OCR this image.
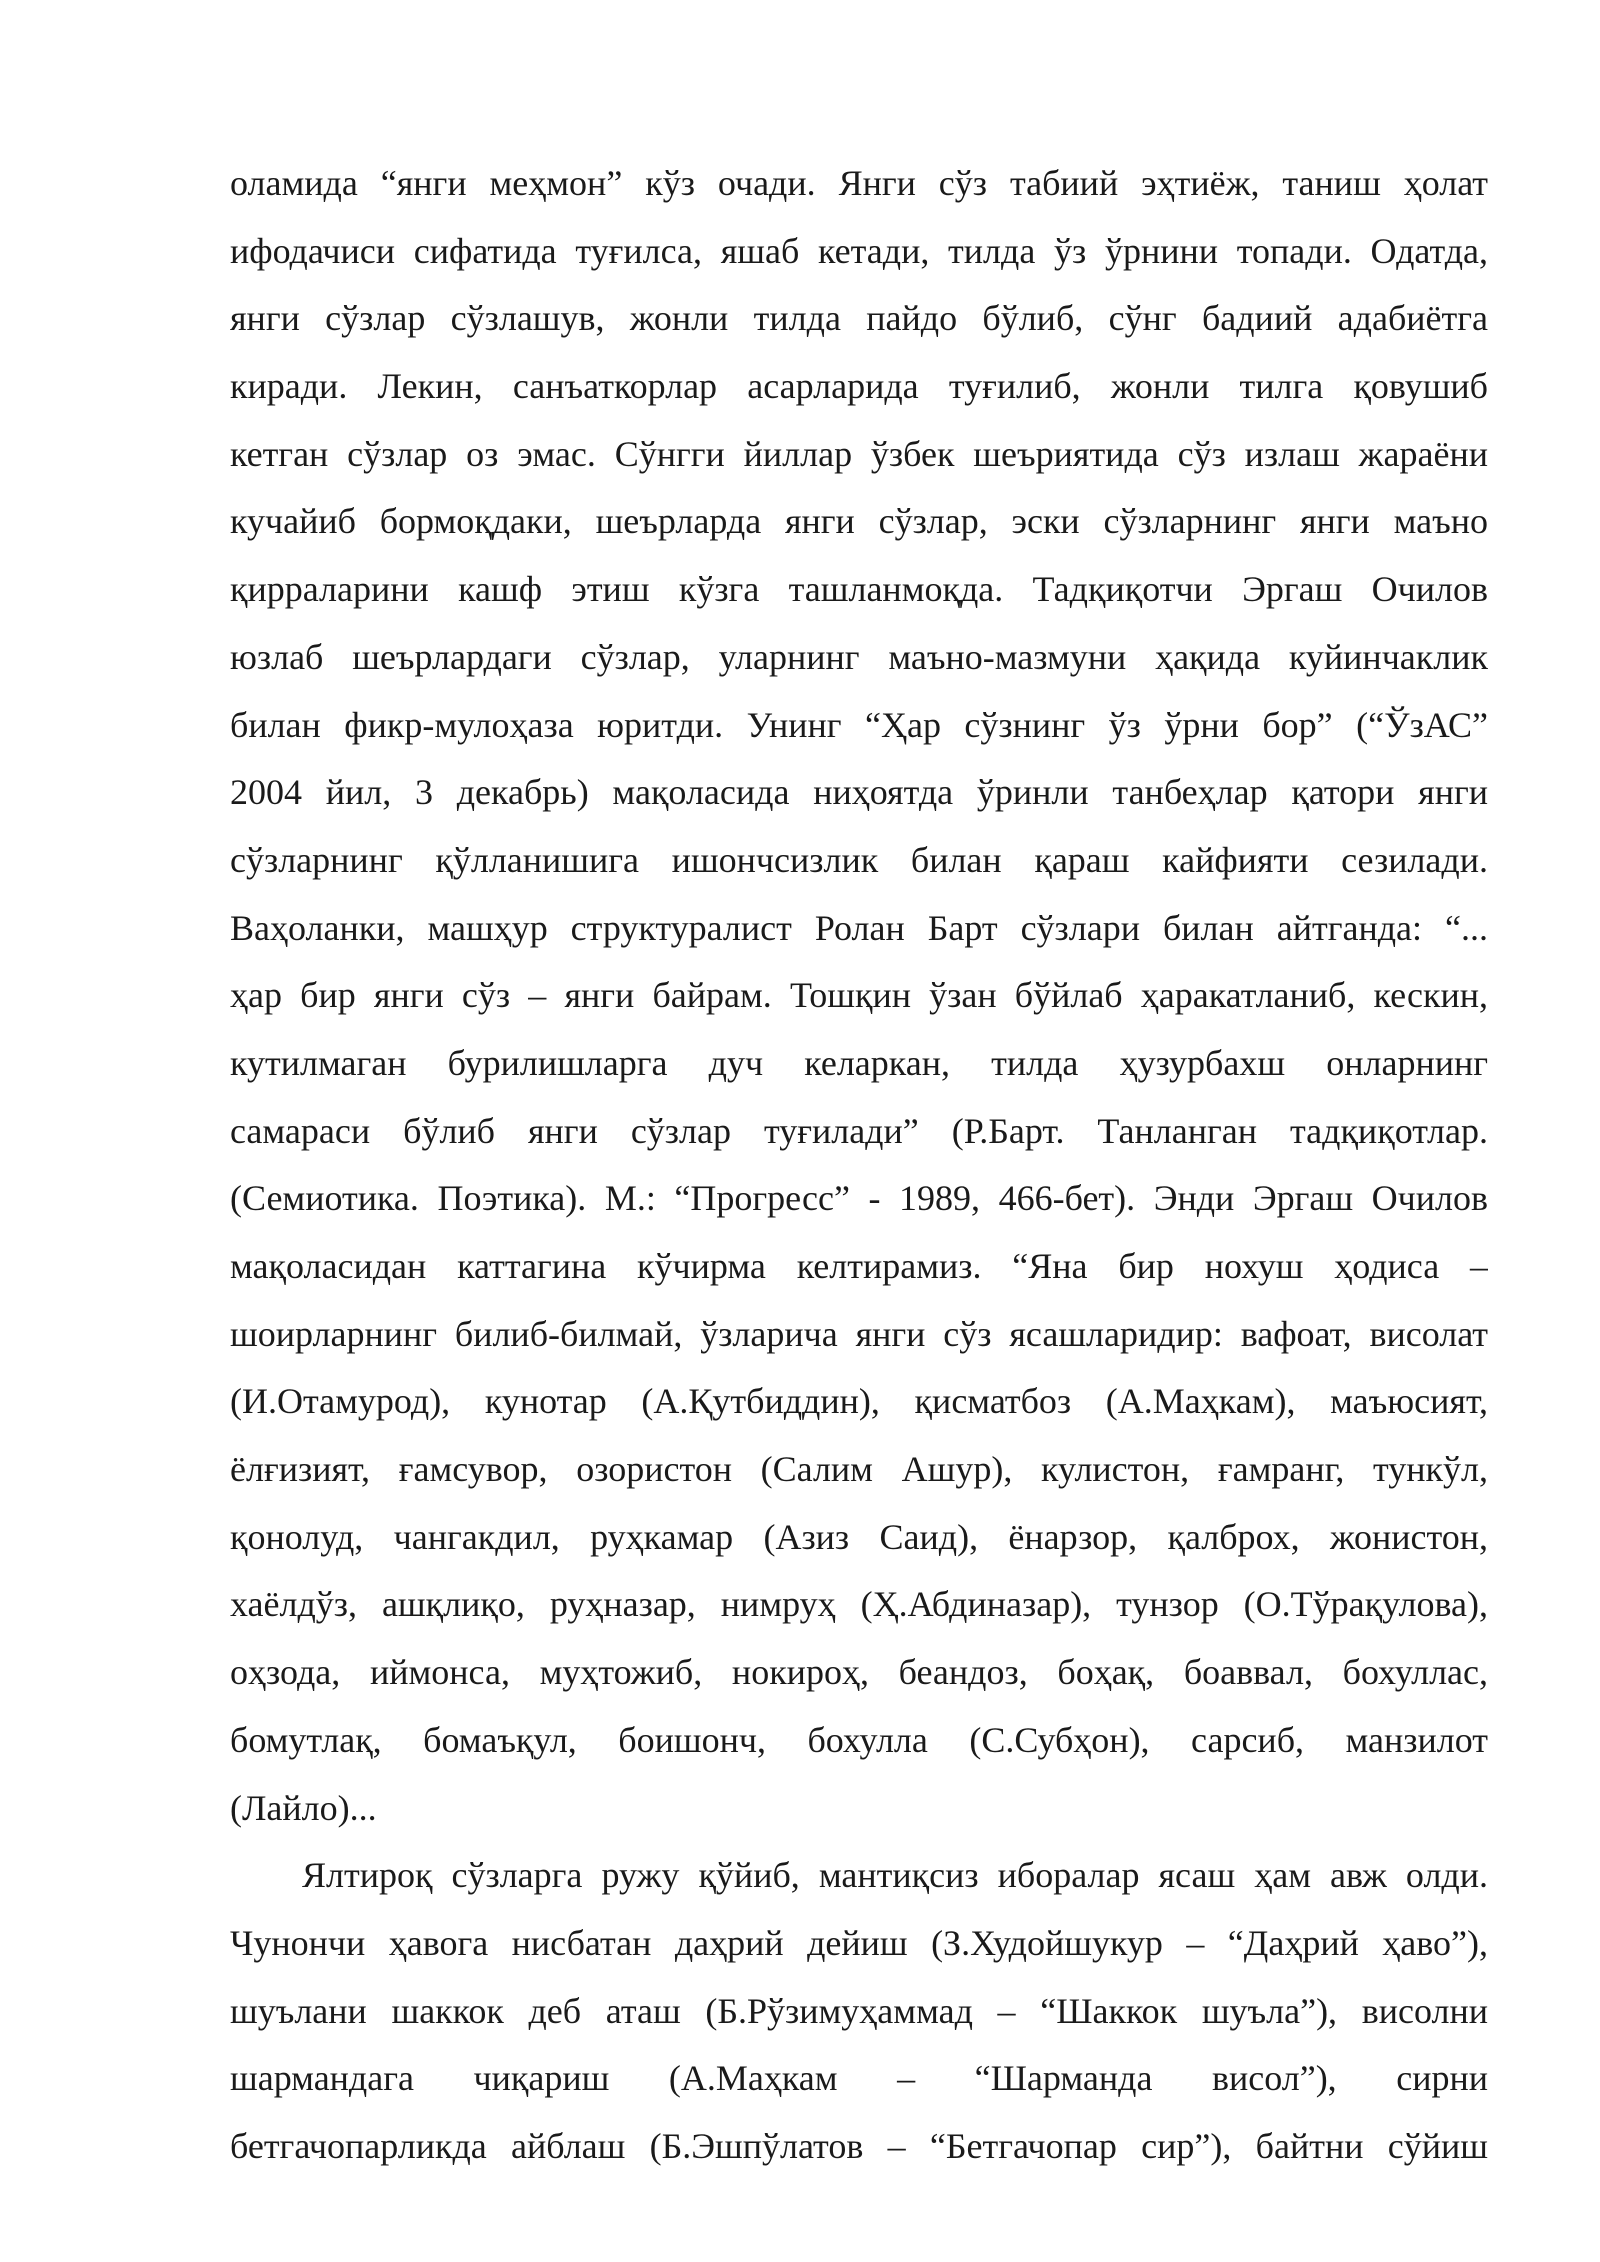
оламида “янги меҳмон” кўз очади. Янги сўз табиий эҳтиёж, таниш ҳолат
ифодачиси сифатида туғилса, яшаб кетади, тилда ўз ўрнини топади. Одатда,
янги сўзлар сўзлашув, жонли тилда пайдо бўлиб, сўнг бадиий адабиётга
киради. Лекин, санъаткорлар асарларида туғилиб, жонли тилга қовушиб
кетган сўзлар оз эмас. Сўнгги йиллар ўзбек шеъриятида сўз излаш жараёни
кучайиб бормоқдаки, шеърларда янги сўзлар, эски сўзларнинг янги маъно
қирраларини кашф этиш кўзга ташланмоқда. Тадқиқотчи Эргаш Очилов
юзлаб шеърлардаги сўзлар, уларнинг маъно-мазмуни ҳақида куйинчаклик
билан фикр-мулоҳаза юритди. Унинг “Ҳар сўзнинг ўз ўрни бор” (“ЎзАС”
2004 йил, 3 декабрь) мақоласида ниҳоятда ўринли танбеҳлар қатори янги
сўзларнинг қўлланишига ишончсизлик билан қараш кайфияти сезилади.
Ваҳоланки, машҳур структуралист Ролан Барт сўзлари билан айтганда: “...
ҳар бир янги сўз – янги байрам. Тошқин ўзан бўйлаб ҳаракатланиб, кескин,
кутилмаган бурилишларга дуч келаркан, тилда ҳузурбахш онларнинг
самараси бўлиб янги сўзлар туғилади” (Р.Барт. Танланган тадқиқотлар.
(Семиотика. Поэтика). М.: “Прогресс” - 1989, 466-бет). Энди Эргаш Очилов
мақоласидан каттагина кўчирма келтирамиз. “Яна бир нохуш ҳодиса –
шоирларнинг билиб-билмай, ўзларича янги сўз ясашларидир: вафоат, висолат
(И.Отамурод), кунотар (А.Қутбиддин), қисматбоз (А.Маҳкам), маъюсият,
ёлғизият, ғамсувор, озористон (Салим Ашур), кулистон, ғамранг, тункўл,
қонолуд, чангакдил, руҳкамар (Азиз Саид), ёнарзор, қалброх, жонистон,
хаёлдўз, ашқлиқо, руҳназар, нимруҳ (Ҳ.Абдиназар), тунзор (О.Тўрақулова),
оҳзода, иймонса, муҳтожиб, нокироҳ, беандоз, боҳақ, боаввал, бохуллас,
бомутлақ, бомаъқул, боишонч, бохулла (С.Субҳон), сарсиб, манзилот
(Лайло)...
Ялтироқ сўзларга ружу қўйиб, мантиқсиз иборалар ясаш ҳам авж олди.
Чунончи ҳавога нисбатан даҳрий дейиш (З.Худойшукур – “Даҳрий ҳаво”),
шуълани шаккок деб аташ (Б.Рўзимуҳаммад – “Шаккок шуъла”), висолни
шармандага чиқариш (А.Маҳкам – “Шарманда висол”), сирни
бетгачопарликда айблаш (Б.Эшпўлатов – “Бетгачопар сир”), байтни сўйиш
